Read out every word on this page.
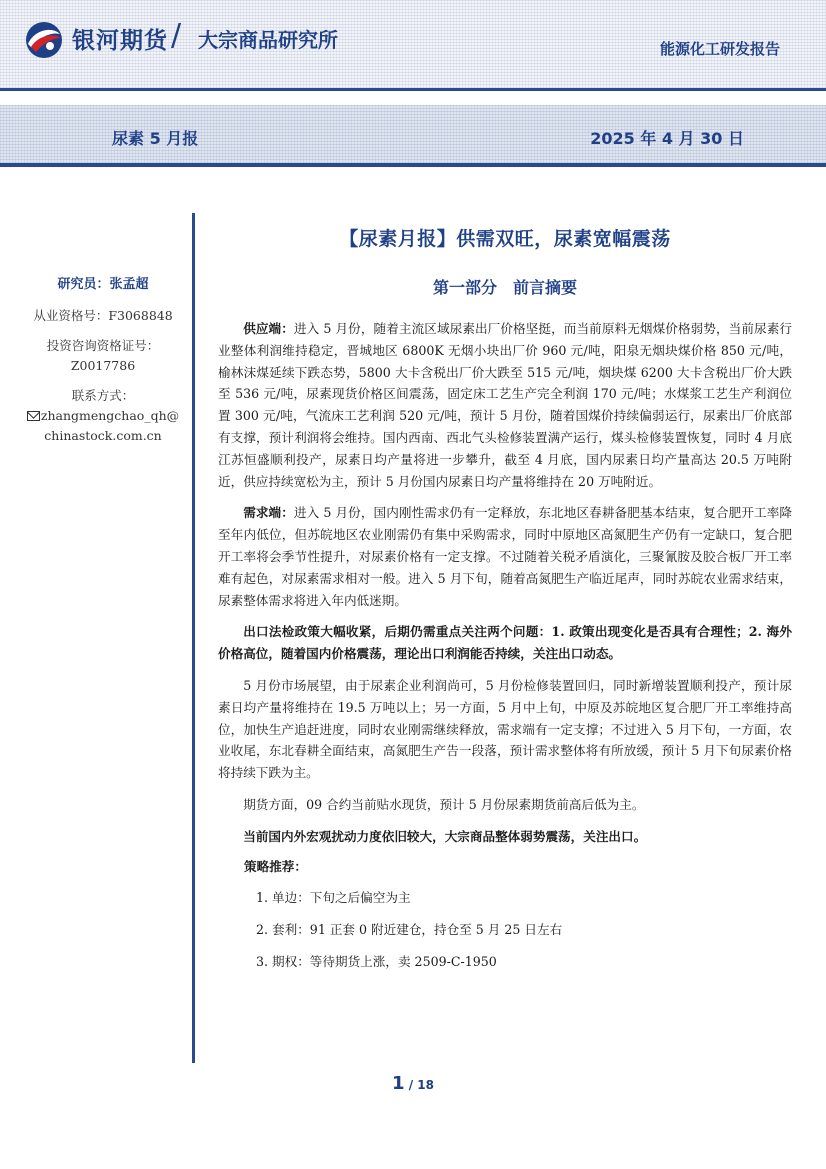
银河期货 / 大宗商品研究所	能源化工研发报告
尿素 5 月报	2025 年 4 月 30 日
研究员：张孟超
从业资格号：F3068848
投资咨询资格证号：
Z0017786
联系方式：
zhangmengchao_qh@
chinastock.com.cn
【尿素月报】供需双旺，尿素宽幅震荡
第一部分　前言摘要
供应端：进入 5 月份，随着主流区域尿素出厂价格坚挺，而当前原料无烟煤价格弱势，当前尿素行业整体利润维持稳定，晋城地区 6800K 无烟小块出厂价 960 元/吨，阳泉无烟块煤价格 850 元/吨，榆林沫煤延续下跌态势，5800 大卡含税出厂价大跌至 515 元/吨，烟块煤 6200 大卡含税出厂价大跌至 536 元/吨，尿素现货价格区间震荡，固定床工艺生产完全利润 170 元/吨；水煤浆工艺生产利润位置 300 元/吨，气流床工艺利润 520 元/吨，预计 5 月份，随着国煤价持续偏弱运行，尿素出厂价底部有支撑，预计利润将会维持。国内西南、西北气头检修装置满产运行，煤头检修装置恢复，同时 4 月底江苏恒盛顺利投产，尿素日均产量将进一步攀升，截至 4 月底，国内尿素日均产量高达 20.5 万吨附近，供应持续宽松为主，预计 5 月份国内尿素日均产量将维持在 20 万吨附近。
需求端：进入 5 月份，国内刚性需求仍有一定释放，东北地区春耕备肥基本结束，复合肥开工率降至年内低位，但苏皖地区农业刚需仍有集中采购需求，同时中原地区高氮肥生产仍有一定缺口，复合肥开工率将会季节性提升，对尿素价格有一定支撑。不过随着关税矛盾演化，三聚氰胺及胶合板厂开工率难有起色，对尿素需求相对一般。进入 5 月下旬，随着高氮肥生产临近尾声，同时苏皖农业需求结束，尿素整体需求将进入年内低迷期。
出口法检政策大幅收紧，后期仍需重点关注两个问题：1. 政策出现变化是否具有合理性；2. 海外价格高位，随着国内价格震荡，理论出口利润能否持续，关注出口动态。
5 月份市场展望，由于尿素企业利润尚可，5 月份检修装置回归，同时新增装置顺利投产，预计尿素日均产量将维持在 19.5 万吨以上；另一方面，5 月中上旬，中原及苏皖地区复合肥厂开工率维持高位，加快生产追赶进度，同时农业刚需继续释放，需求端有一定支撑；不过进入 5 月下旬，一方面，农业收尾，东北春耕全面结束，高氮肥生产告一段落，预计需求整体将有所放缓，预计 5 月下旬尿素价格将持续下跌为主。
期货方面，09 合约当前贴水现货，预计 5 月份尿素期货前高后低为主。
当前国内外宏观扰动力度依旧较大，大宗商品整体弱势震荡，关注出口。
策略推荐：
1. 单边：下旬之后偏空为主
2. 套利：91 正套 0 附近建仓，持仓至 5 月 25 日左右
3. 期权：等待期货上涨，卖 2509-C-1950
1 / 18
